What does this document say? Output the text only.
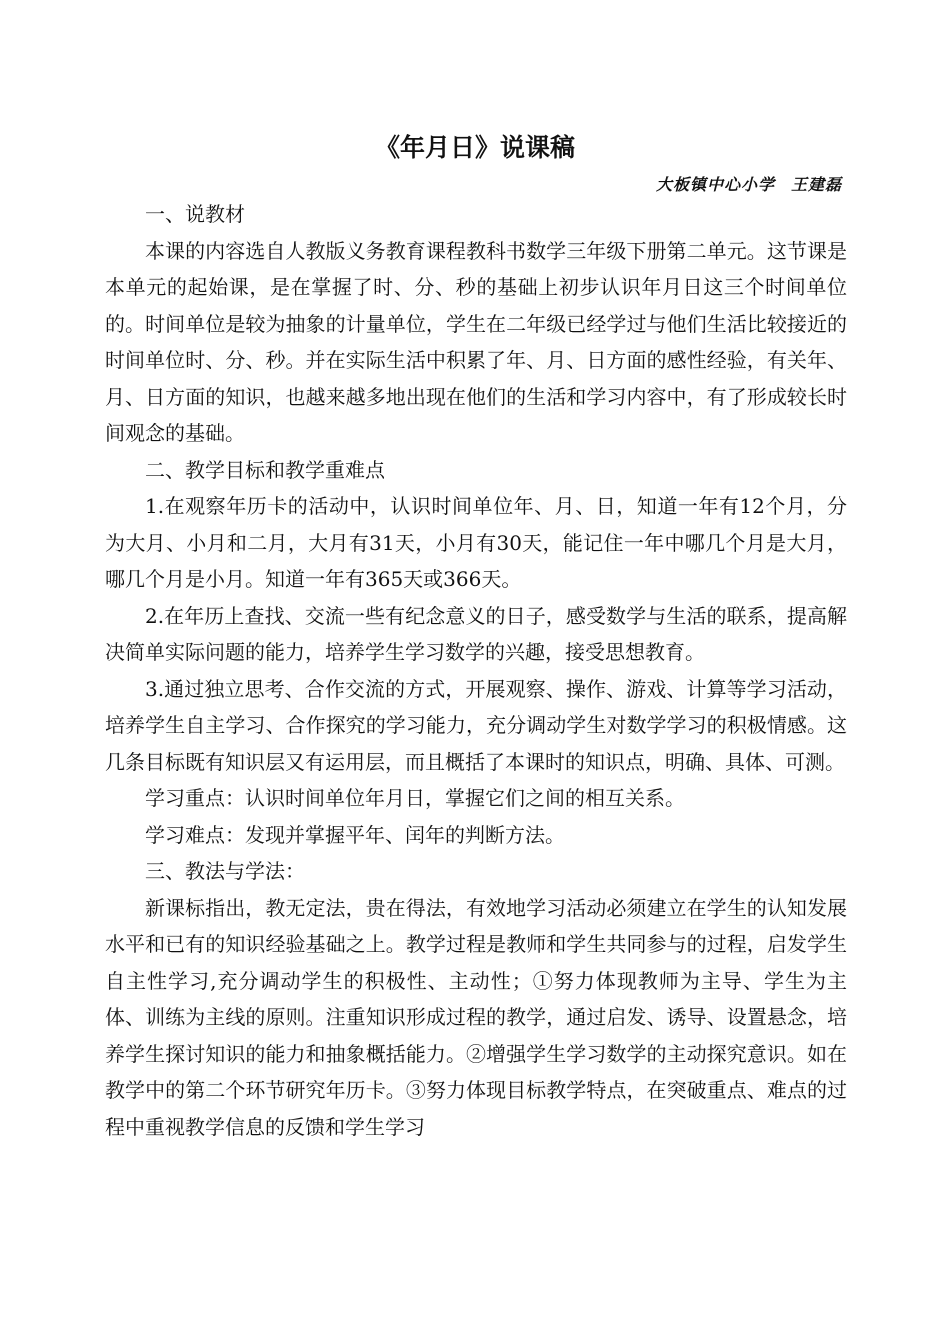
《年月日》说课稿
大板镇中心小学 王建磊

一、说教材

本课的内容选自人教版义务教育课程教科书数学三年级下册第二单元。这节课是本单元的起始课，是在掌握了时、分、秒的基础上初步认识年月日这三个时间单位的。时间单位是较为抽象的计量单位，学生在二年级已经学过与他们生活比较接近的时间单位时、分、秒。并在实际生活中积累了年、月、日方面的感性经验，有关年、月、日方面的知识，也越来越多地出现在他们的生活和学习内容中，有了形成较长时间观念的基础。

二、教学目标和教学重难点

1.在观察年历卡的活动中，认识时间单位年、月、日，知道一年有12个月，分为大月、小月和二月，大月有31天，小月有30天，能记住一年中哪几个月是大月，哪几个月是小月。知道一年有365天或366天。

2.在年历上查找、交流一些有纪念意义的日子，感受数学与生活的联系，提高解决简单实际问题的能力，培养学生学习数学的兴趣，接受思想教育。

3.通过独立思考、合作交流的方式，开展观察、操作、游戏、计算等学习活动，培养学生自主学习、合作探究的学习能力，充分调动学生对数学学习的积极情感。这几条目标既有知识层又有运用层，而且概括了本课时的知识点，明确、具体、可测。

学习重点：认识时间单位年月日，掌握它们之间的相互关系。

学习难点：发现并掌握平年、闰年的判断方法。

三、教法与学法：

新课标指出，教无定法，贵在得法，有效地学习活动必须建立在学生的认知发展水平和已有的知识经验基础之上。教学过程是教师和学生共同参与的过程，启发学生自主性学习,充分调动学生的积极性、主动性；①努力体现教师为主导、学生为主体、训练为主线的原则。注重知识形成过程的教学，通过启发、诱导、设置悬念，培养学生探讨知识的能力和抽象概括能力。②增强学生学习数学的主动探究意识。如在教学中的第二个环节研究年历卡。③努力体现目标教学特点，在突破重点、难点的过程中重视教学信息的反馈和学生学习
